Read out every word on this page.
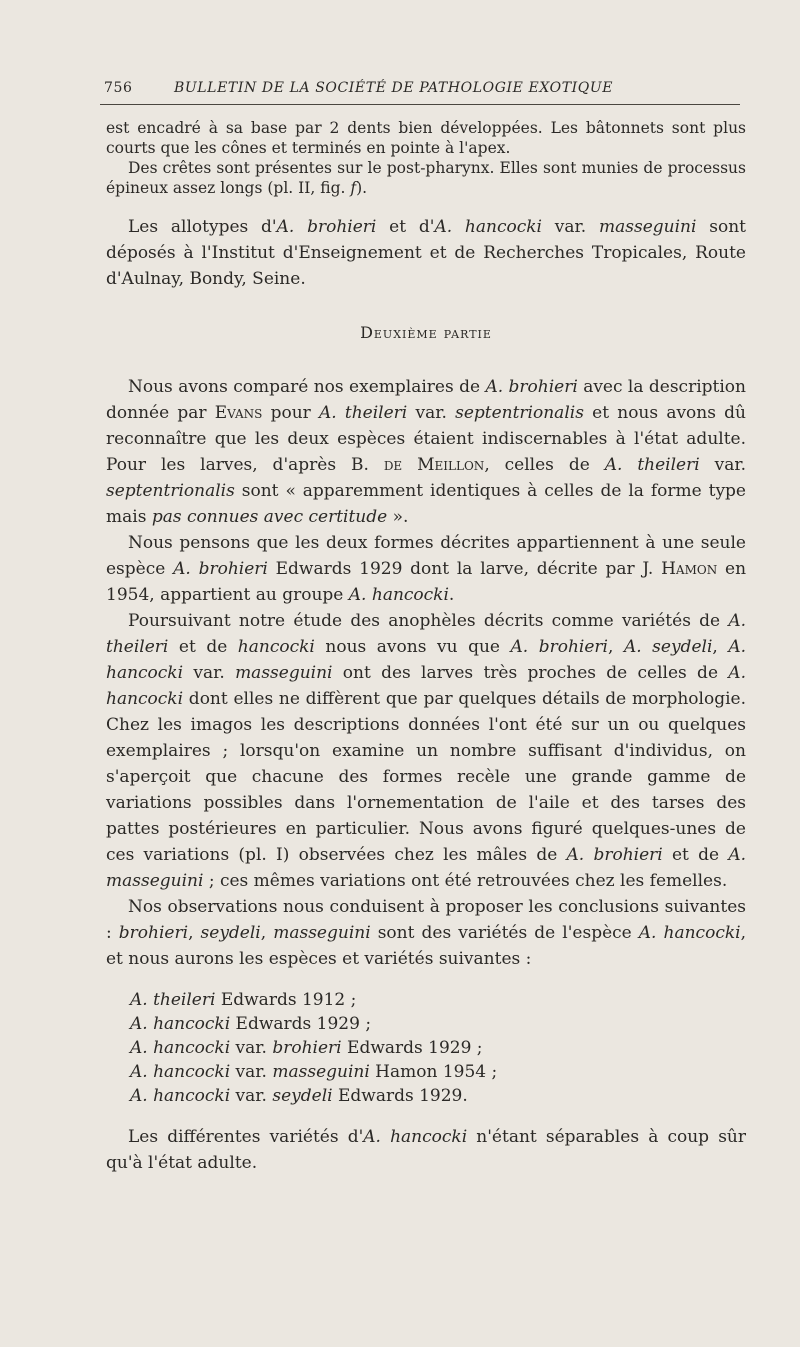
756	BULLETIN DE LA SOCIÉTÉ DE PATHOLOGIE EXOTIQUE

est encadré à sa base par 2 dents bien développées. Les bâtonnets sont plus courts que les cônes et terminés en pointe à l'apex.

Des crêtes sont présentes sur le post-pharynx. Elles sont munies de processus épineux assez longs (pl. II, fig. f).

Les allotypes d'A. brohieri et d'A. hancocki var. masseguini sont déposés à l'Institut d'Enseignement et de Recherches Tropicales, Route d'Aulnay, Bondy, Seine.

Deuxième partie

Nous avons comparé nos exemplaires de A. brohieri avec la description donnée par Evans pour A. theileri var. septentrionalis et nous avons dû reconnaître que les deux espèces étaient indiscernables à l'état adulte. Pour les larves, d'après B. de Meillon, celles de A. theileri var. septentrionalis sont « apparemment identiques à celles de la forme type mais pas connues avec certitude ».

Nous pensons que les deux formes décrites appartiennent à une seule espèce A. brohieri Edwards 1929 dont la larve, décrite par J. Hamon en 1954, appartient au groupe A. hancocki.

Poursuivant notre étude des anophèles décrits comme variétés de A. theileri et de hancocki nous avons vu que A. brohieri, A. seydeli, A. hancocki var. masseguini ont des larves très proches de celles de A. hancocki dont elles ne diffèrent que par quelques détails de morphologie. Chez les imagos les descriptions données l'ont été sur un ou quelques exemplaires ; lorsqu'on examine un nombre suffisant d'individus, on s'aperçoit que chacune des formes recèle une grande gamme de variations possibles dans l'ornementation de l'aile et des tarses des pattes postérieures en particulier. Nous avons figuré quelques-unes de ces variations (pl. I) observées chez les mâles de A. brohieri et de A. masseguini ; ces mêmes variations ont été retrouvées chez les femelles.

Nos observations nous conduisent à proposer les conclusions suivantes : brohieri, seydeli, masseguini sont des variétés de l'espèce A. hancocki, et nous aurons les espèces et variétés suivantes :

A. theileri Edwards 1912 ;

A. hancocki Edwards 1929 ;

A. hancocki var. brohieri Edwards 1929 ;

A. hancocki var. masseguini Hamon 1954 ;

A. hancocki var. seydeli Edwards 1929.

Les différentes variétés d'A. hancocki n'étant séparables à coup sûr qu'à l'état adulte.
